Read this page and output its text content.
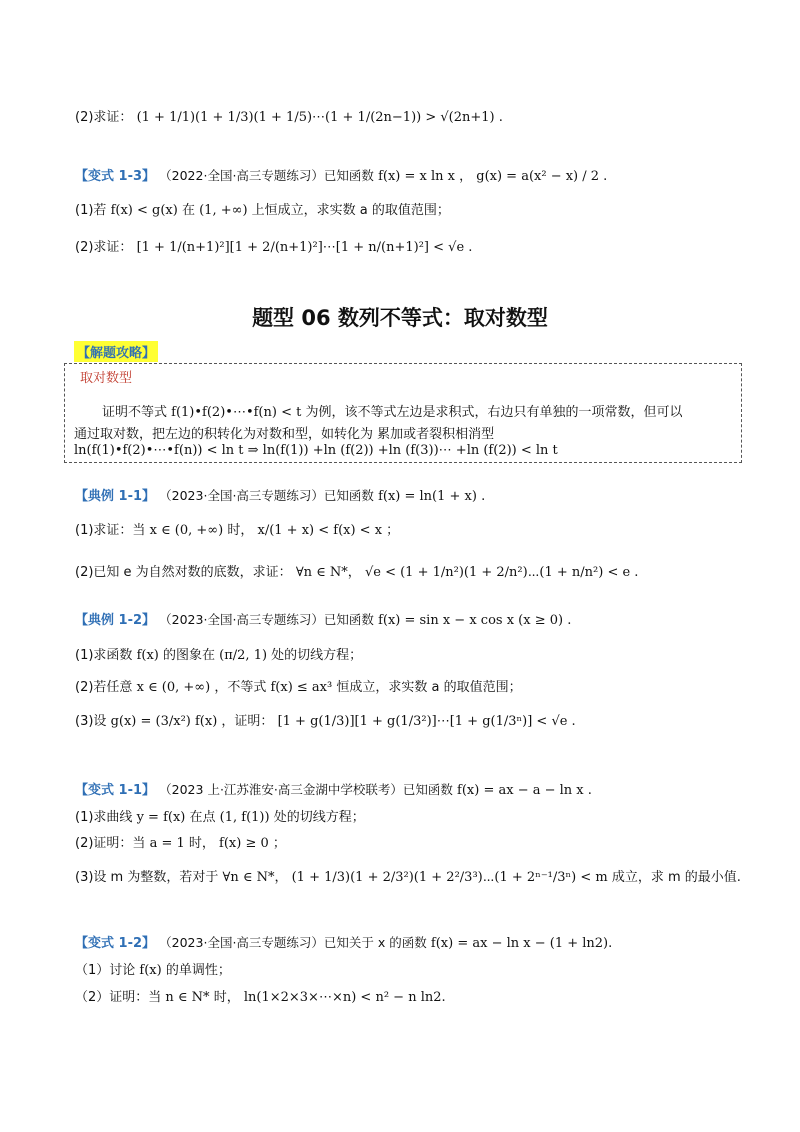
(2)求证： (1 + 1/1)(1 + 1/3)(1 + 1/5)⋯(1 + 1/(2n−1)) > √(2n+1) .
【变式 1-3】 （2022·全国·高三专题练习）已知函数 f(x) = x ln x ， g(x) = a(x² − x) / 2 .
(1)若 f(x) < g(x) 在 (1, +∞) 上恒成立，求实数 a 的取值范围；
(2)求证： [1 + 1/(n+1)²][1 + 2/(n+1)²]⋯[1 + n/(n+1)²] < √e .
题型 06 数列不等式：取对数型
【解题攻略】
取对数型
证明不等式 f(1)•f(2)•⋯•f(n) < t 为例，该不等式左边是求积式，右边只有单独的一项常数，但可以
通过取对数，把左边的积转化为对数和型，如转化为 累加或者裂积相消型
ln(f(1)•f(2)•⋯•f(n)) < ln t ⇒ ln(f(1)) +ln (f(2)) +ln (f(3))⋯ +ln (f(2)) < ln t
【典例 1-1】 （2023·全国·高三专题练习）已知函数 f(x) = ln(1 + x) .
(1)求证：当 x ∈ (0, +∞) 时， x/(1 + x) < f(x) < x ；
(2)已知 e 为自然对数的底数，求证： ∀n ∈ N*， √e < (1 + 1/n²)(1 + 2/n²)⋯(1 + n/n²) < e .
【典例 1-2】 （2023·全国·高三专题练习）已知函数 f(x) = sin x − x cos x (x ≥ 0) .
(1)求函数 f(x) 的图象在 (π/2, 1) 处的切线方程；
(2)若任意 x ∈ (0, +∞) ，不等式 f(x) ≤ ax³ 恒成立，求实数 a 的取值范围；
(3)设 g(x) = (3/x²) f(x) ，证明： [1 + g(1/3)][1 + g(1/3²)]⋯[1 + g(1/3ⁿ)] < √e .
【变式 1-1】 （2023 上·江苏淮安·高三金湖中学校联考）已知函数 f(x) = ax − a − ln x .
(1)求曲线 y = f(x) 在点 (1, f(1)) 处的切线方程；
(2)证明：当 a = 1 时， f(x) ≥ 0 ；
(3)设 m 为整数，若对于 ∀n ∈ N*， (1 + 1/3)(1 + 2/3²)(1 + 2²/3³)⋯(1 + 2ⁿ⁻¹/3ⁿ) < m 成立，求 m 的最小值.
【变式 1-2】 （2023·全国·高三专题练习）已知关于 x 的函数 f(x) = ax − ln x − (1 + ln2).
（1）讨论 f(x) 的单调性；
（2）证明：当 n ∈ N* 时， ln(1×2×3×⋯×n) < n² − n ln2.
